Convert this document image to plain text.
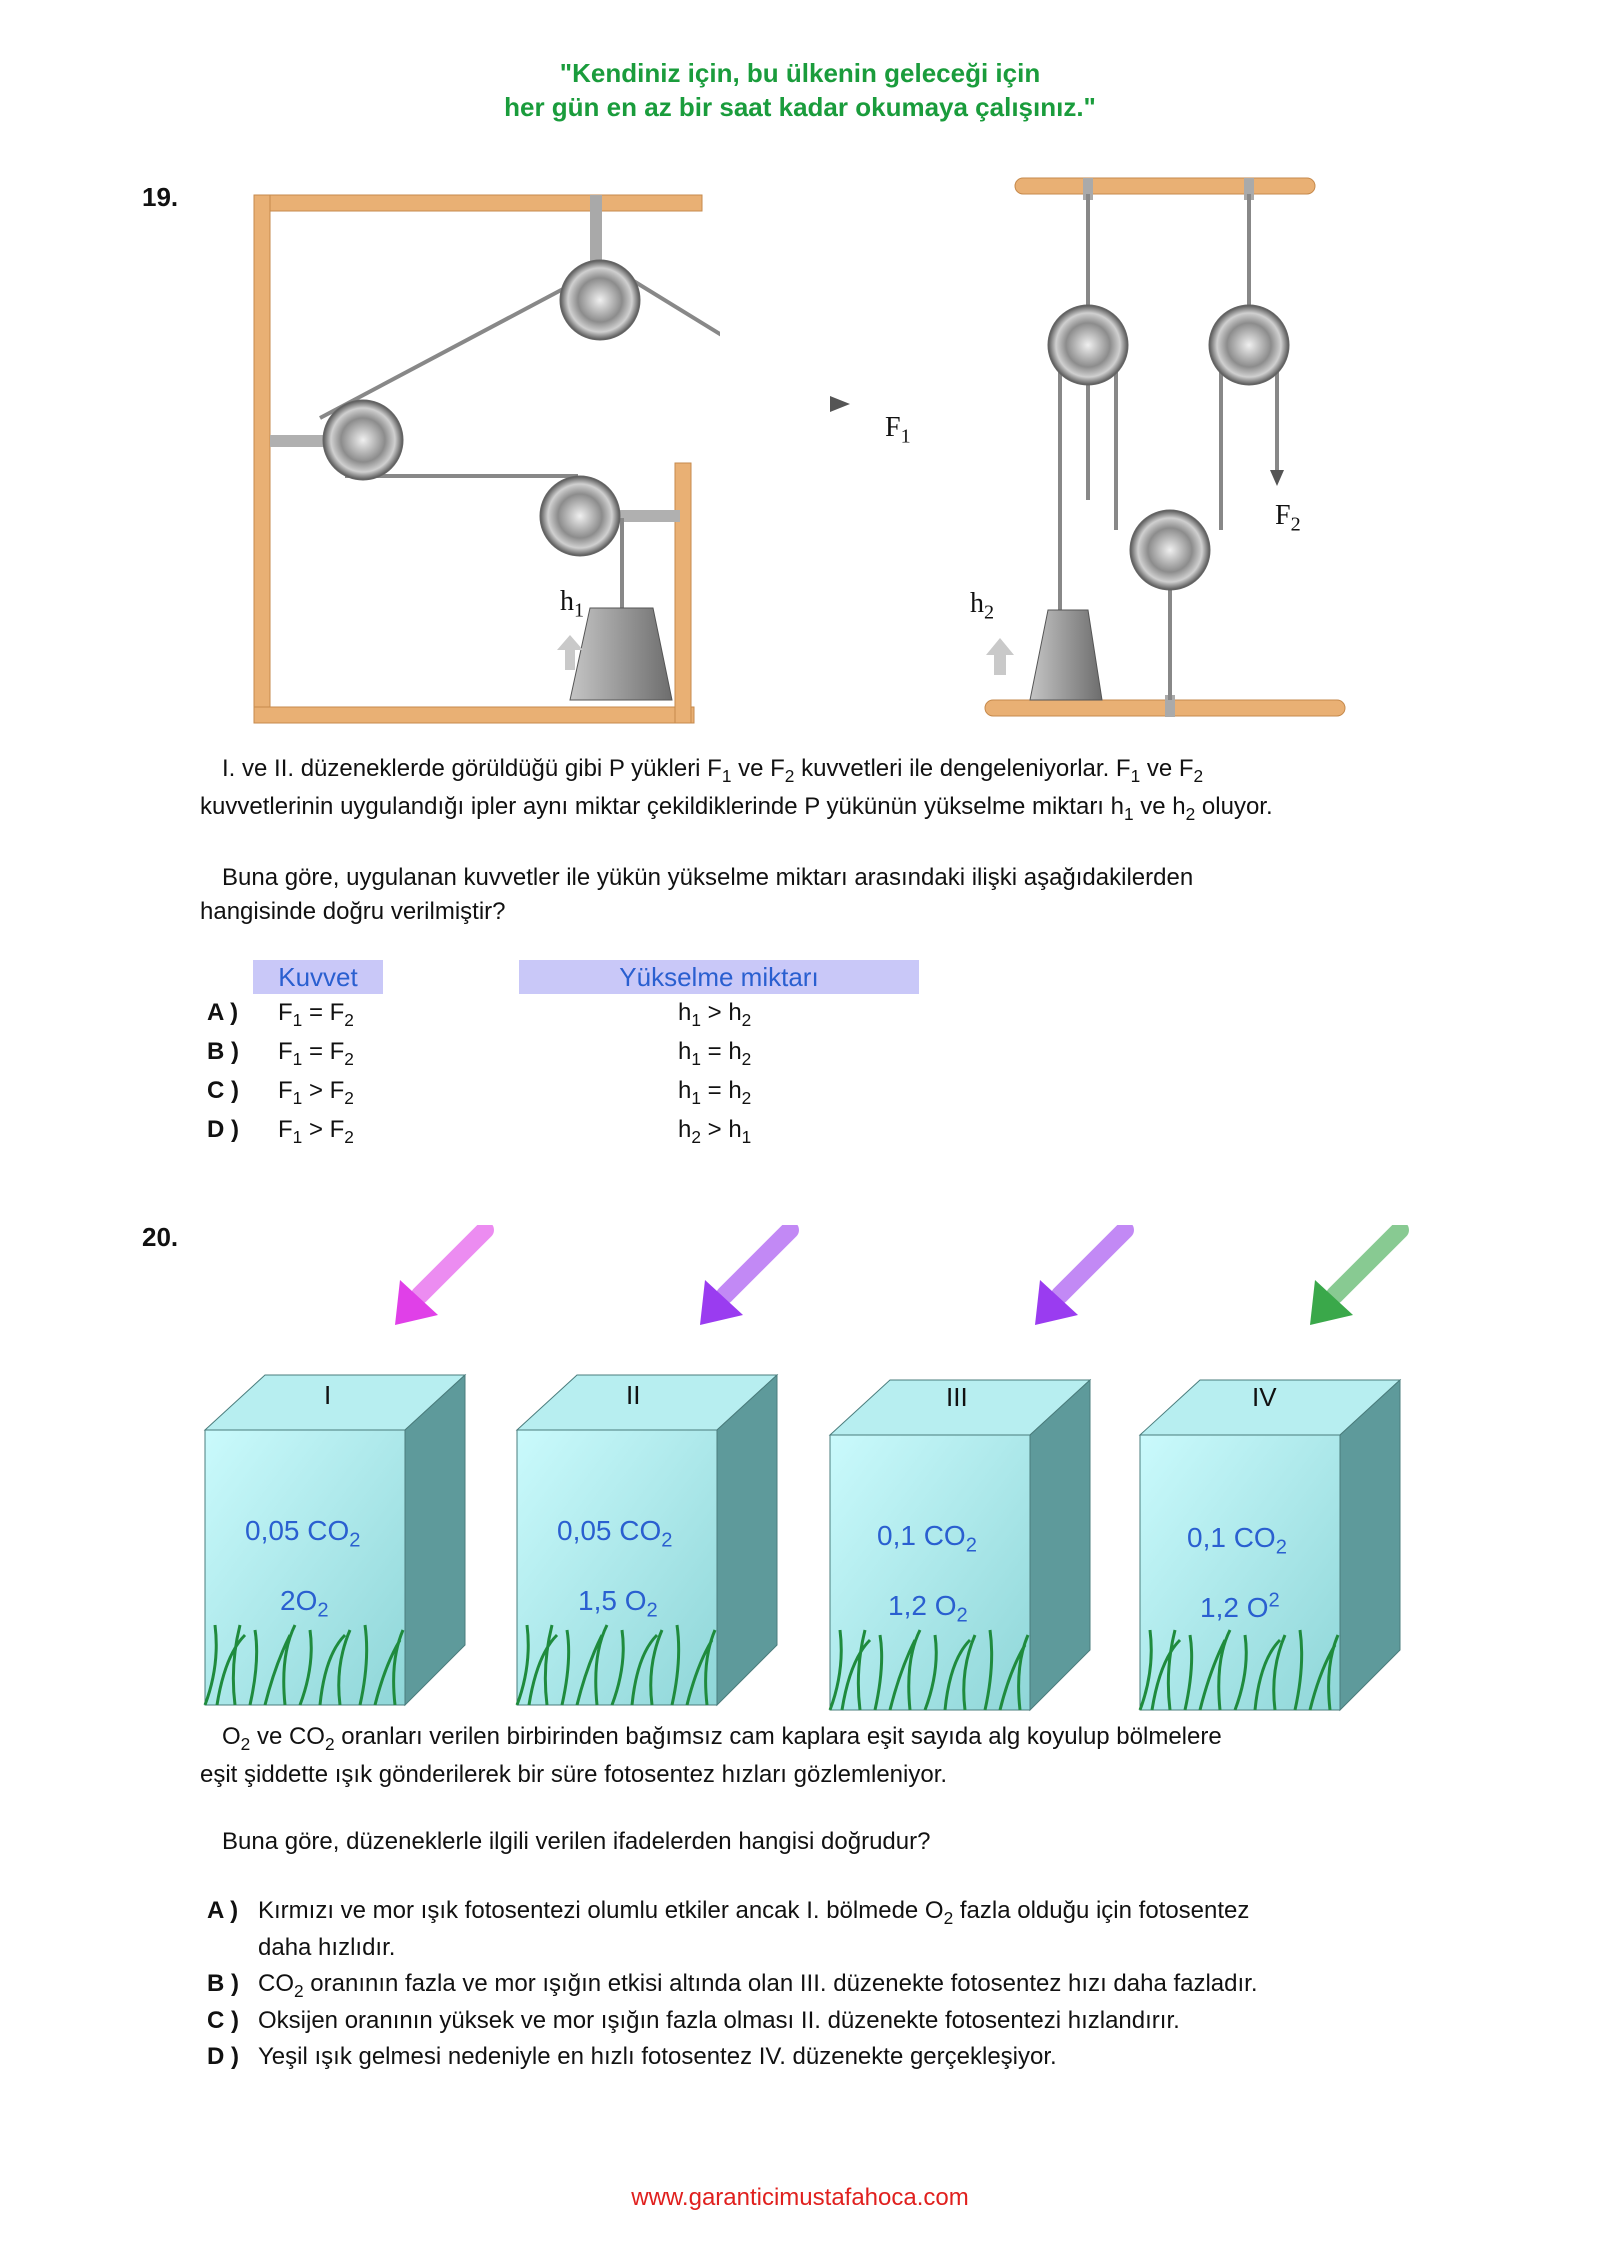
"Kendiniz için, bu ülkenin geleceği için
her gün en az bir saat kadar okumaya çalışınız."
19.
$F_1$
$h_1$
$F_2$
$h_2$
I. ve II. düzeneklerde görüldüğü gibi P yükleri $F_1$ ve $F_2$ kuvvetleri ile dengeleniyorlar. $F_1$ ve $F_2$
kuvvetlerinin uygulandığı ipler aynı miktar çekildiklerinde P yükünün yükselme miktarı $h_1$ ve $h_2$ oluyor.
Buna göre, uygulanan kuvvetler ile yükün yükselme miktarı arasındaki ilişki aşağıdakilerden
hangisinde doğru verilmiştir?
Kuvvet	Yükselme miktarı
A ) $F_1 = F_2$	$h_1 > h_2$
B ) $F_1 = F_2$	$h_1 = h_2$
C ) $F_1 > F_2$	$h_1 = h_2$
D ) $F_1 > F_2$	$h_2 > h_1$
20.
I
0,05 $CO_2$
$2O_2$
II
0,05 $CO_2$
1,5 $O_2$
III
0,1 $CO_2$
1,2 $O_2$
IV
0,1 $CO_2$
1,2 $O^2$
$O_2$ ve $CO_2$ oranları verilen birbirinden bağımsız cam kaplara eşit sayıda alg koyulup bölmelere
eşit şiddette ışık gönderilerek bir süre fotosentez hızları gözlemleniyor.
Buna göre, düzeneklerle ilgili verilen ifadelerden hangisi doğrudur?
A ) Kırmızı ve mor ışık fotosentezi olumlu etkiler ancak I. bölmede $O_2$ fazla olduğu için fotosentez
daha hızlıdır.
B ) $CO_2$ oranının fazla ve mor ışığın etkisi altında olan III. düzenekte fotosentez hızı daha fazladır.
C ) Oksijen oranının yüksek ve mor ışığın fazla olması II. düzenekte fotosentezi hızlandırır.
D ) Yeşil ışık gelmesi nedeniyle en hızlı fotosentez IV. düzenekte gerçekleşiyor.
www.garanticimustafahoca.com
